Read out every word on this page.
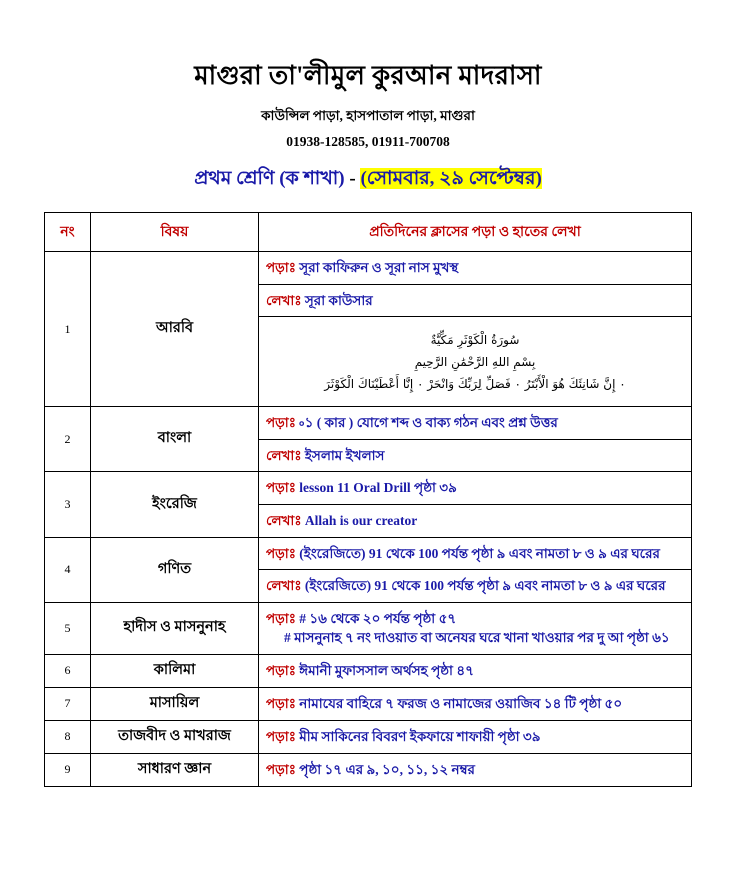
মাগুরা তা'লীমুল কুরআন মাদরাসা
কাউন্সিল পাড়া, হাসপাতাল পাড়া, মাগুরা
01938-128585, 01911-700708
প্রথম শ্রেণি (ক শাখা) - (সোমবার, ২৯ সেপ্টেম্বর)
নং	বিষয়	প্রতিদিনের ক্লাসের পড়া ও হাতের লেখা
1	আরবি	পড়াঃ সূরা কাফিরুন ও সূরা নাস মুখস্থ
		লেখাঃ সূরা কাউসার

		سُورَةُ الْكَوْثَرِ مَكِّيَّةٌ
بِسْمِ اللهِ الرَّحْمَٰنِ الرَّحِيمِ
٠ إِنَّ شَانِئَكَ هُوَ الْأَبْتَرُ ٠ فَصَلِّ لِرَبِّكَ وَانْحَرْ ٠ إِنَّا أَعْطَيْنَاكَ الْكَوْثَرَ

2	বাংলা	পড়াঃ ৹১ ( কার ) যোগে শব্দ ও বাক্য গঠন এবং প্রশ্ন উত্তর
		লেখাঃ ইসলাম ইখলাস
3	ইংরেজি	পড়াঃ lesson 11 Oral Drill পৃষ্ঠা ৩৯
		লেখাঃ Allah is our creator
4	গণিত	পড়াঃ (ইংরেজিতে) 91 থেকে 100 পর্যন্ত পৃষ্ঠা ৯ এবং নামতা ৮ ও ৯ এর ঘরের
		লেখাঃ (ইংরেজিতে) 91 থেকে 100 পর্যন্ত পৃষ্ঠা ৯ এবং নামতা ৮ ও ৯ এর ঘরের
5	হাদীস ও মাসনুনাহ	পড়াঃ # ১৬ থেকে ২০ পর্যন্ত পৃষ্ঠা ৫৭
# মাসনুনাহ ৭ নং দাওয়াত বা অনেযর ঘরে খানা খাওয়ার পর দু আ পৃষ্ঠা ৬১

6	কালিমা	পড়াঃ ঈমানী মুফাসসাল অর্থসহ পৃষ্ঠা ৪৭
7	মাসায়িল	পড়াঃ নামাযের বাহিরে ৭ ফরজ ও নামাজের ওয়াজিব ১৪ টি পৃষ্ঠা ৫০
8	তাজবীদ ও মাখরাজ	পড়াঃ মীম সাকিনের বিবরণ ইকফায়ে শাফায়ী পৃষ্ঠা ৩৯
9	সাধারণ জ্ঞান	পড়াঃ পৃষ্ঠা ১৭ এর ৯, ১০, ১১, ১২ নম্বর
